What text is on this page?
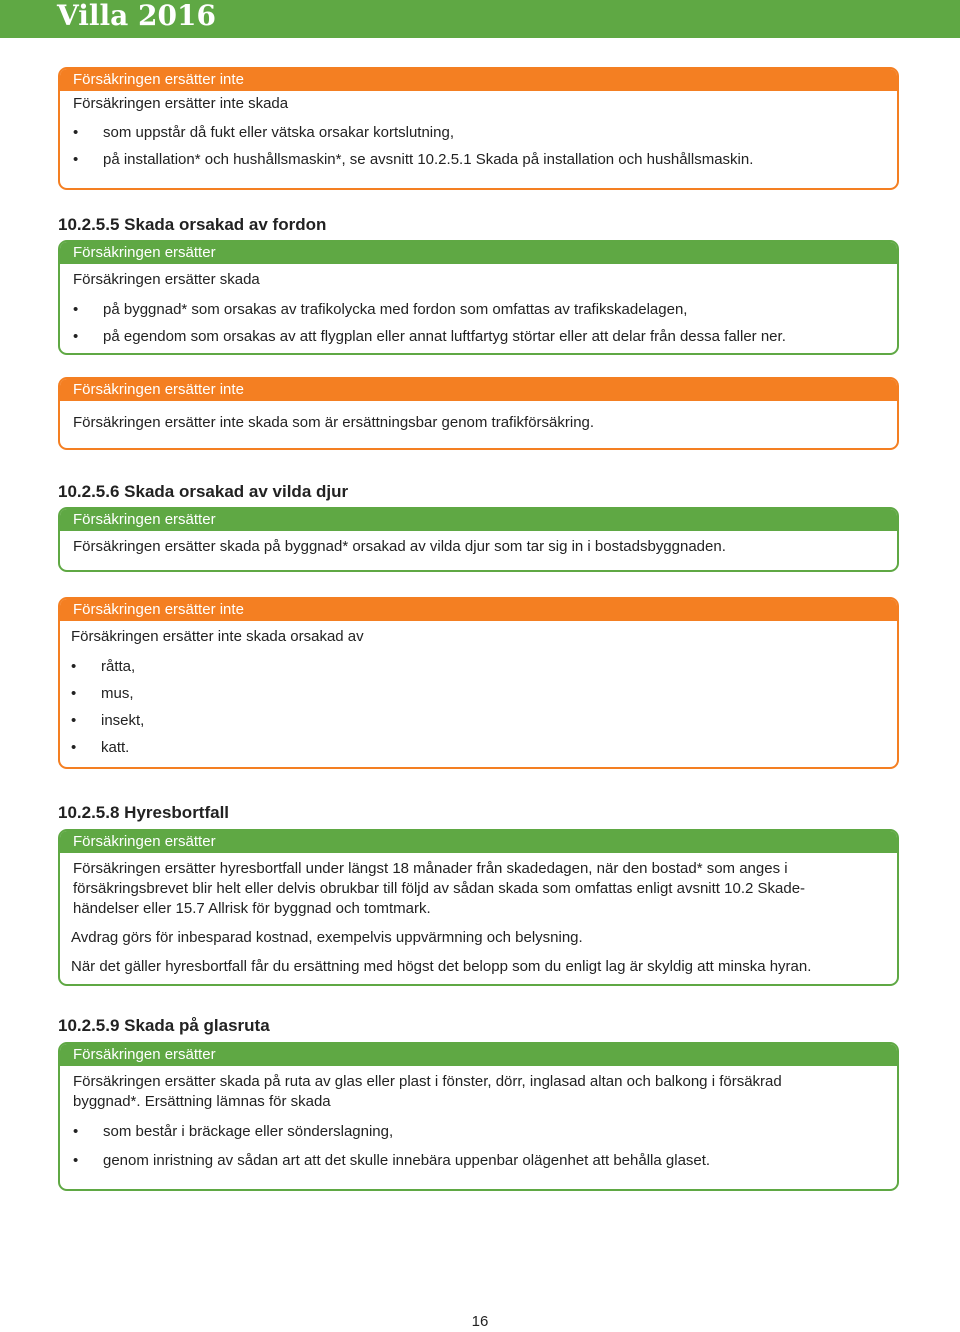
Villa 2016
Försäkringen ersätter inte
Försäkringen ersätter inte skada
• som uppstår då fukt eller vätska orsakar kortslutning,
• på installation* och hushållsmaskin*, se avsnitt 10.2.5.1 Skada på installation och hushållsmaskin.
10.2.5.5 Skada orsakad av fordon
Försäkringen ersätter
Försäkringen ersätter skada
• på byggnad* som orsakas av trafikolycka med fordon som omfattas av trafikskadelagen,
• på egendom som orsakas av att flygplan eller annat luftfartyg störtar eller att delar från dessa faller ner.
Försäkringen ersätter inte
Försäkringen ersätter inte skada som är ersättningsbar genom trafikförsäkring.
10.2.5.6 Skada orsakad av vilda djur
Försäkringen ersätter
Försäkringen ersätter skada på byggnad* orsakad av vilda djur som tar sig in i bostadsbyggnaden.
Försäkringen ersätter inte
Försäkringen ersätter inte skada orsakad av
• råtta,
• mus,
• insekt,
• katt.
10.2.5.8 Hyresbortfall
Försäkringen ersätter
Försäkringen ersätter hyresbortfall under längst 18 månader från skadedagen, när den bostad* som anges i
försäkringsbrevet blir helt eller delvis obrukbar till följd av sådan skada som omfattas enligt avsnitt 10.2 Skade-
händelser eller 15.7 Allrisk för byggnad och tomtmark.
Avdrag görs för inbesparad kostnad, exempelvis uppvärmning och belysning.
När det gäller hyresbortfall får du ersättning med högst det belopp som du enligt lag är skyldig att minska hyran.
10.2.5.9 Skada på glasruta
Försäkringen ersätter
Försäkringen ersätter skada på ruta av glas eller plast i fönster, dörr, inglasad altan och balkong i försäkrad
byggnad*. Ersättning lämnas för skada
• som består i bräckage eller sönderslagning,
• genom inristning av sådan art att det skulle innebära uppenbar olägenhet att behålla glaset.
16
